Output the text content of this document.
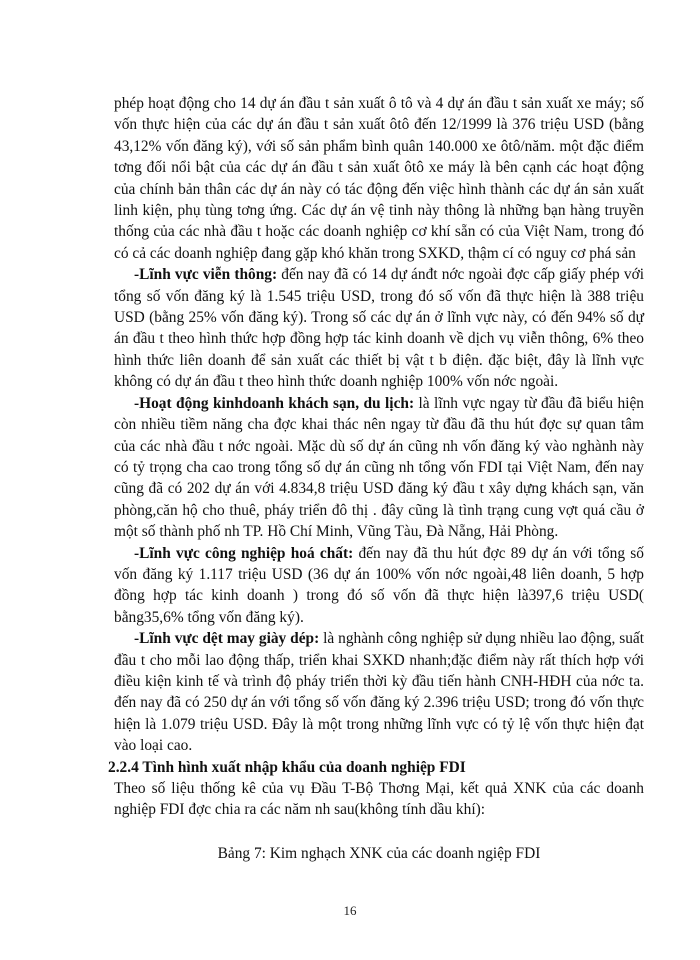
phép hoạt động cho 14 dự án đầu t sản xuất ô tô và 4 dự án đầu t sản xuất xe máy; số vốn thực hiện của các dự án đầu t sản xuất ôtô đến 12/1999 là 376 triệu USD (bằng 43,12% vốn đăng ký), với số sản phẩm bình quân 140.000 xe ôtô/năm. một đặc điểm tơng đối nổi bật của các dự án đầu t sản xuất ôtô xe máy là bên cạnh các hoạt động của chính bản thân các dự án này có tác động đến việc hình thành các dự án sản xuất linh kiện, phụ tùng tơng ứng. Các dự án vệ tinh này thông là những bạn hàng truyền thống của các nhà đầu t hoặc các doanh nghiệp cơ khí sẵn có của Việt Nam, trong đó có cả các doanh nghiệp đang gặp khó khăn trong SXKD, thậm cí có nguy cơ phá sản

-Lĩnh vực viễn thông: đến nay đã có 14 dự ánđt nớc ngoài đợc cấp giấy phép với tổng số vốn đăng ký là 1.545 triệu USD, trong đó số vốn đã thực hiện là 388 triệu USD (bằng 25% vốn đăng ký). Trong số các dự án ở lĩnh vực này, có đến 94% số dự án đầu t theo hình thức hợp đồng hợp tác kinh doanh về dịch vụ viễn thông, 6% theo hình thức liên doanh để sản xuất các thiết bị vật t b điện. đặc biệt, đây là lĩnh vực không có dự án đầu t theo hình thức doanh nghiệp 100% vốn nớc ngoài.

-Hoạt động kinhdoanh khách sạn, du lịch: là lĩnh vực ngay từ đầu đã biểu hiện còn nhiều tiềm năng cha đợc khai thác nên ngay từ đầu đã thu hút đợc sự quan tâm của các nhà đầu t nớc ngoài. Mặc dù số dự án cũng nh vốn đăng ký vào nghành này có tỷ trọng cha cao trong tổng số dự án cũng nh tổng vốn FDI tại Việt Nam, đến nay cũng đã có 202 dự án với 4.834,8 triệu USD đăng ký đầu t xây dựng khách sạn, văn phòng,căn hộ cho thuê, pháy triển đô thị . đây cũng là tình trạng cung vợt quá cầu ở một số thành phố nh TP. Hồ Chí Minh, Vũng Tàu, Đà Nẵng, Hải Phòng.

-Lĩnh vực công nghiệp hoá chất: đến nay đã thu hút đợc 89 dự án với tổng số vốn đăng ký 1.117 triệu USD (36 dự án 100% vốn nớc ngoài,48 liên doanh, 5 hợp đồng hợp tác kinh doanh ) trong đó số vốn đã thực hiện là397,6 triệu USD( bằng35,6% tổng vốn đăng ký).

-Lĩnh vực dệt may giày dép: là nghành công nghiệp sử dụng nhiều lao động, suất đầu t cho mỗi lao động thấp, triển khai SXKD nhanh;đặc điểm này rất thích hợp với điều kiện kinh tế và trình độ pháy triển thời kỳ đầu tiến hành CNH-HĐH của nớc ta. đến nay đã có 250 dự án với tổng số vốn đăng ký 2.396 triệu USD; trong đó vốn thực hiện là 1.079 triệu USD. Đây là một trong những lĩnh vực có tỷ lệ vốn thực hiện đạt vào loại cao.

2.2.4 Tình hình xuất nhập khẩu của doanh nghiệp FDI

Theo số liệu thống kê của vụ Đầu T-Bộ Thơng Mại, kết quả XNK của các doanh nghiệp FDI đợc chia ra các năm nh sau(không tính dầu khí):

Bảng 7: Kim nghạch XNK của các doanh ngiệp FDI

16
